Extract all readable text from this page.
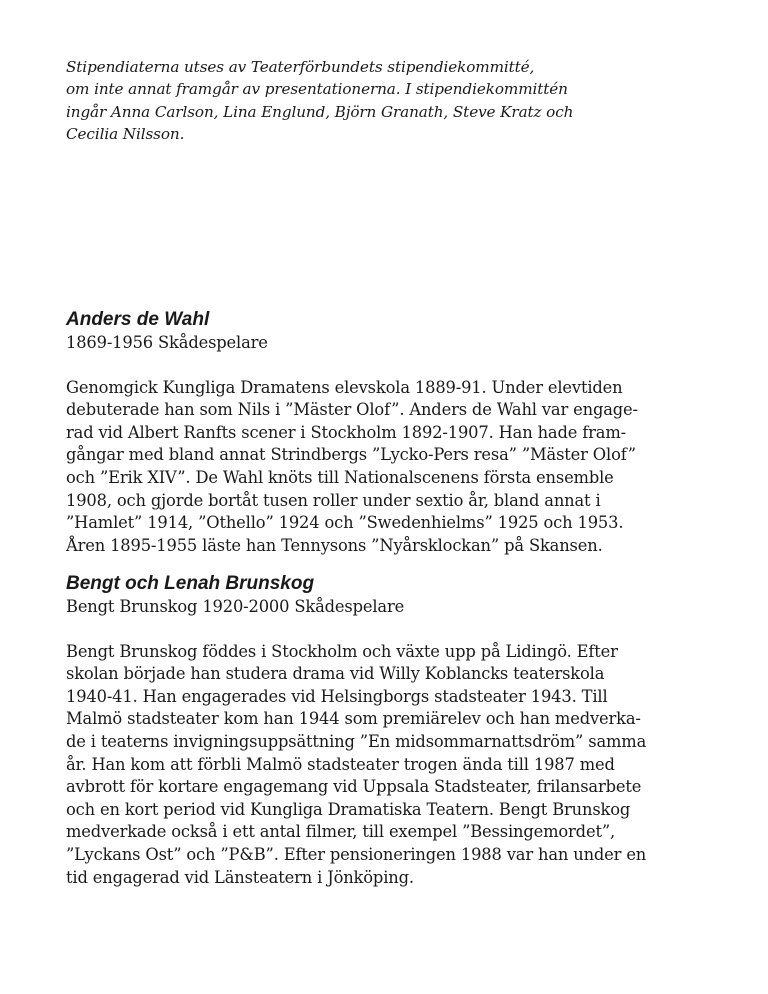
Stipendiaterna utses av Teaterförbundets stipendiekommitté,
om inte annat framgår av presentationerna. I stipendiekommittén
ingår Anna Carlson, Lina Englund, Björn Granath, Steve Kratz och
Cecilia Nilsson.
Anders de Wahl
1869-1956 Skådespelare
Genomgick Kungliga Dramatens elevskola 1889-91. Under elevtiden
debuterade han som Nils i ”Mäster Olof”. Anders de Wahl var engage-
rad vid Albert Ranfts scener i Stockholm 1892-1907. Han hade fram-
gångar med bland annat Strindbergs ”Lycko-Pers resa” ”Mäster Olof”
och ”Erik XIV”. De Wahl knöts till Nationalscenens första ensemble
1908, och gjorde bortåt tusen roller under sextio år, bland annat i
”Hamlet” 1914, ”Othello” 1924 och ”Swedenhielms” 1925 och 1953.
Åren 1895-1955 läste han Tennysons ”Nyårsklockan” på Skansen.
Bengt och Lenah Brunskog
Bengt Brunskog 1920-2000 Skådespelare
Bengt Brunskog föddes i Stockholm och växte upp på Lidingö. Efter
skolan började han studera drama vid Willy Koblancks teaterskola
1940-41. Han engagerades vid Helsingborgs stadsteater 1943. Till
Malmö stadsteater kom han 1944 som premiärelev och han medverka-
de i teaterns invigningsuppsättning ”En midsommarnattsdröm” samma
år. Han kom att förbli Malmö stadsteater trogen ända till 1987 med
avbrott för kortare engagemang vid Uppsala Stadsteater, frilansarbete
och en kort period vid Kungliga Dramatiska Teatern. Bengt Brunskog
medverkade också i ett antal filmer, till exempel ”Bessingemordet”,
”Lyckans Ost” och ”P&B”. Efter pensioneringen 1988 var han under en
tid engagerad vid Länsteatern i Jönköping.
